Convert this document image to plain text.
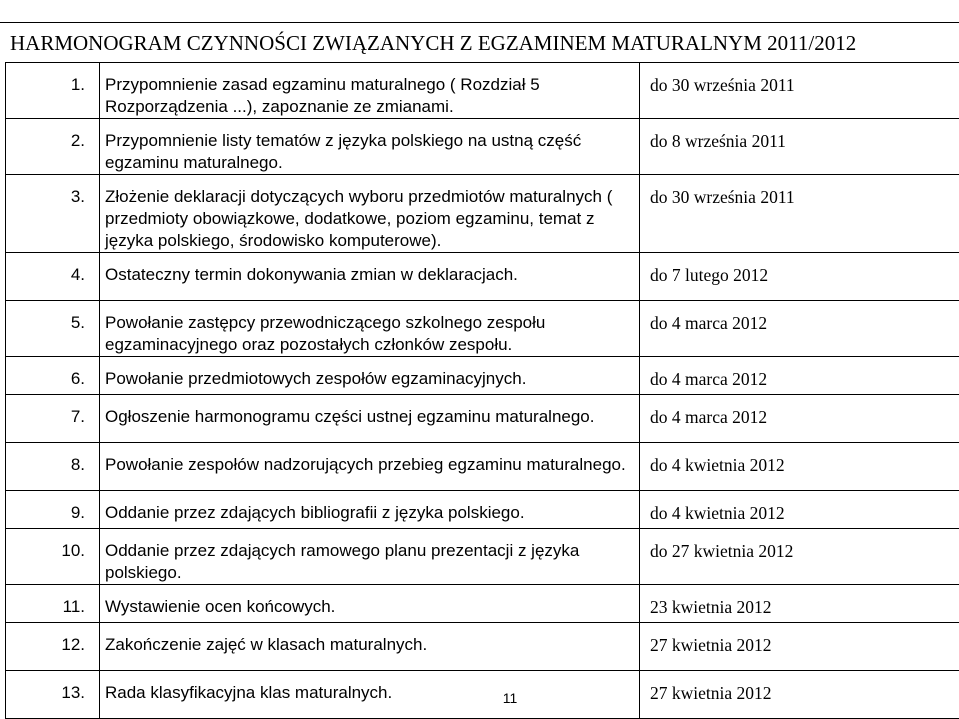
HARMONOGRAM CZYNNOŚCI ZWIĄZANYCH Z EGZAMINEM MATURALNYM 2011/2012
1.	Przypomnienie zasad egzaminu maturalnego ( Rozdział 5 Rozporządzenia ...), zapoznanie ze zmianami.	do 30 września 2011
2.	Przypomnienie listy tematów z języka polskiego na ustną część egzaminu maturalnego.	do 8 września 2011
3.	Złożenie deklaracji dotyczących wyboru przedmiotów maturalnych ( przedmioty obowiązkowe, dodatkowe, poziom egzaminu, temat z języka polskiego, środowisko komputerowe).	do 30 września 2011
4.	Ostateczny termin dokonywania zmian w deklaracjach.	do 7 lutego 2012
5.	Powołanie zastępcy przewodniczącego szkolnego zespołu egzaminacyjnego oraz pozostałych członków zespołu.	do 4 marca 2012
6.	Powołanie przedmiotowych zespołów egzaminacyjnych.	do 4 marca 2012
7.	Ogłoszenie harmonogramu części ustnej egzaminu maturalnego.	do 4 marca 2012
8.	Powołanie zespołów nadzorujących przebieg egzaminu maturalnego.	do 4 kwietnia 2012
9.	Oddanie przez zdających bibliografii z języka polskiego.	do 4 kwietnia 2012
10.	Oddanie przez zdających ramowego planu prezentacji z języka polskiego.	do 27 kwietnia 2012
11.	Wystawienie ocen końcowych.	23 kwietnia 2012
12.	Zakończenie zajęć w klasach maturalnych.	27 kwietnia 2012
13.	Rada klasyfikacyjna klas maturalnych.	27 kwietnia 2012
11
